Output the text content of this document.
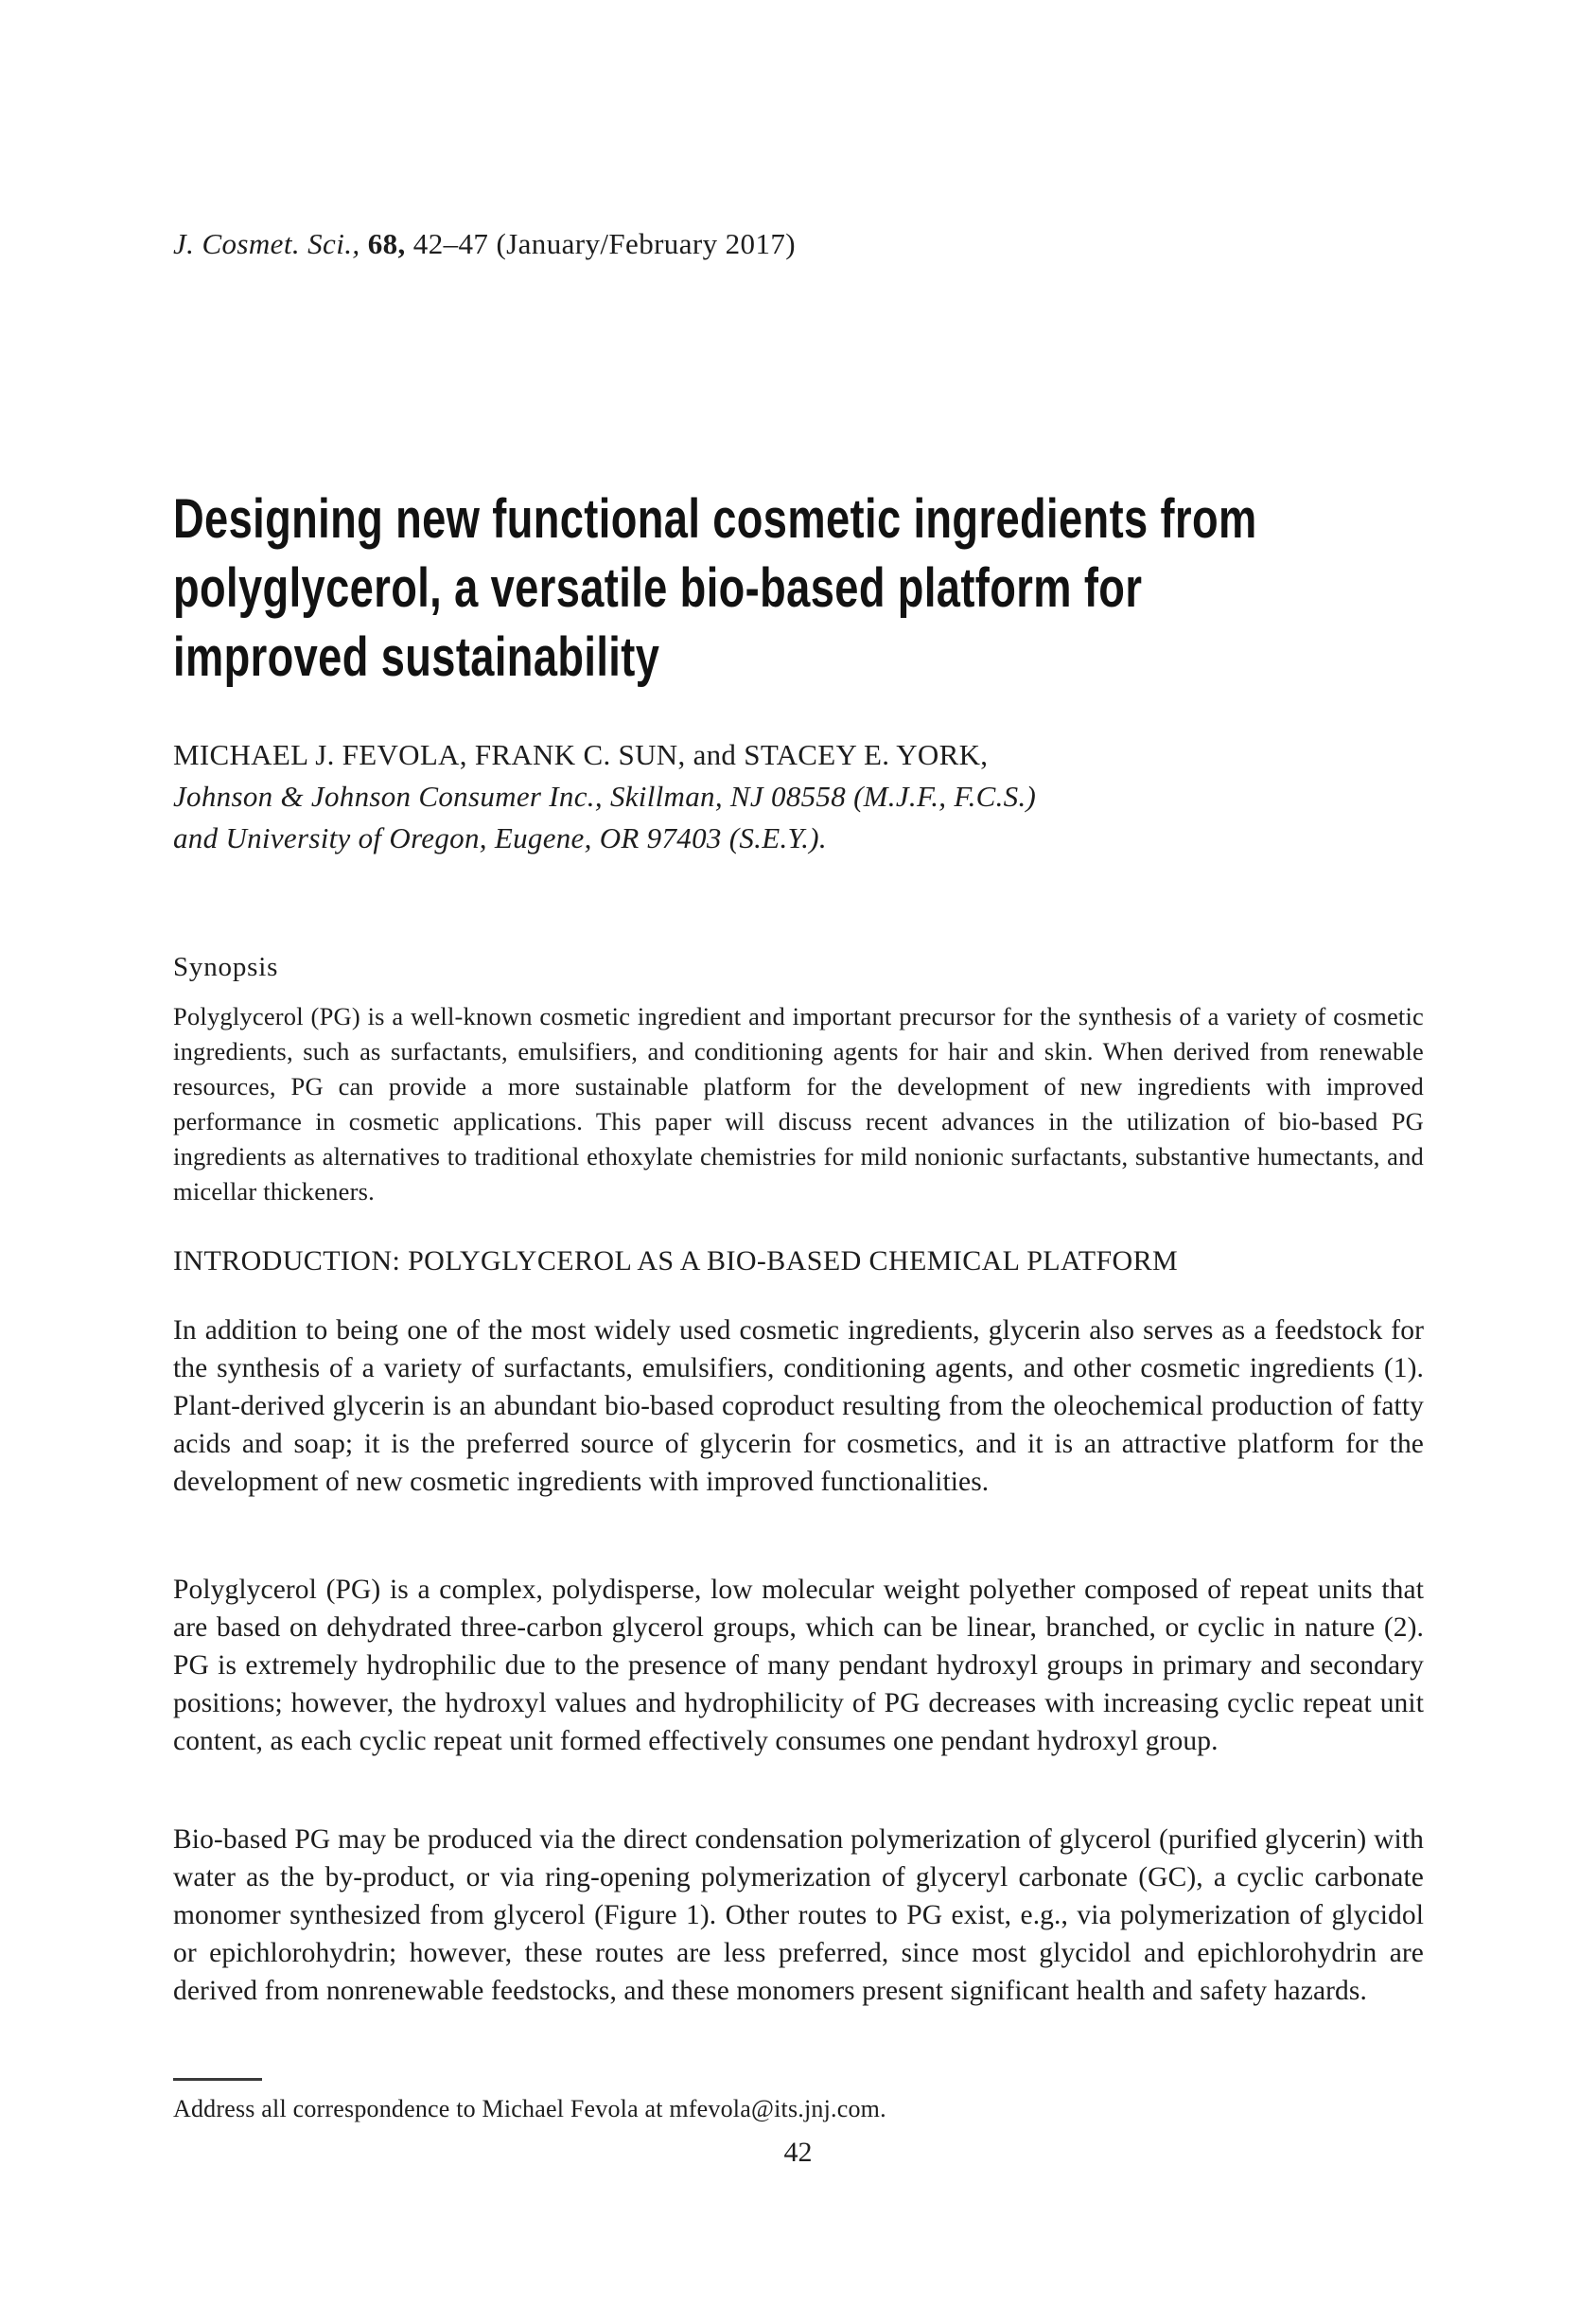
J. Cosmet. Sci., 68, 42–47 (January/February 2017)
Designing new functional cosmetic ingredients from
polyglycerol, a versatile bio-based platform for
improved sustainability
MICHAEL J. FEVOLA, FRANK C. SUN, and STACEY E. YORK,
Johnson & Johnson Consumer Inc., Skillman, NJ 08558 (M.J.F., F.C.S.)
and University of Oregon, Eugene, OR 97403 (S.E.Y.).
Synopsis
Polyglycerol (PG) is a well-known cosmetic ingredient and important precursor for the synthesis of a variety of cosmetic ingredients, such as surfactants, emulsifiers, and conditioning agents for hair and skin. When derived from renewable resources, PG can provide a more sustainable platform for the development of new ingredients with improved performance in cosmetic applications. This paper will discuss recent advances in the utilization of bio-based PG ingredients as alternatives to traditional ethoxylate chemistries for mild nonionic surfactants, substantive humectants, and micellar thickeners.
INTRODUCTION: POLYGLYCEROL AS A BIO-BASED CHEMICAL PLATFORM
In addition to being one of the most widely used cosmetic ingredients, glycerin also serves as a feedstock for the synthesis of a variety of surfactants, emulsifiers, conditioning agents, and other cosmetic ingredients (1). Plant-derived glycerin is an abundant bio-based coproduct resulting from the oleochemical production of fatty acids and soap; it is the preferred source of glycerin for cosmetics, and it is an attractive platform for the development of new cosmetic ingredients with improved functionalities.
Polyglycerol (PG) is a complex, polydisperse, low molecular weight polyether composed of repeat units that are based on dehydrated three-carbon glycerol groups, which can be linear, branched, or cyclic in nature (2). PG is extremely hydrophilic due to the presence of many pendant hydroxyl groups in primary and secondary positions; however, the hydroxyl values and hydrophilicity of PG decreases with increasing cyclic repeat unit content, as each cyclic repeat unit formed effectively consumes one pendant hydroxyl group.
Bio-based PG may be produced via the direct condensation polymerization of glycerol (purified glycerin) with water as the by-product, or via ring-opening polymerization of glyceryl carbonate (GC), a cyclic carbonate monomer synthesized from glycerol (Figure 1). Other routes to PG exist, e.g., via polymerization of glycidol or epichlorohydrin; however, these routes are less preferred, since most glycidol and epichlorohydrin are derived from nonrenewable feedstocks, and these monomers present significant health and safety hazards.
Address all correspondence to Michael Fevola at mfevola@its.jnj.com.
42
